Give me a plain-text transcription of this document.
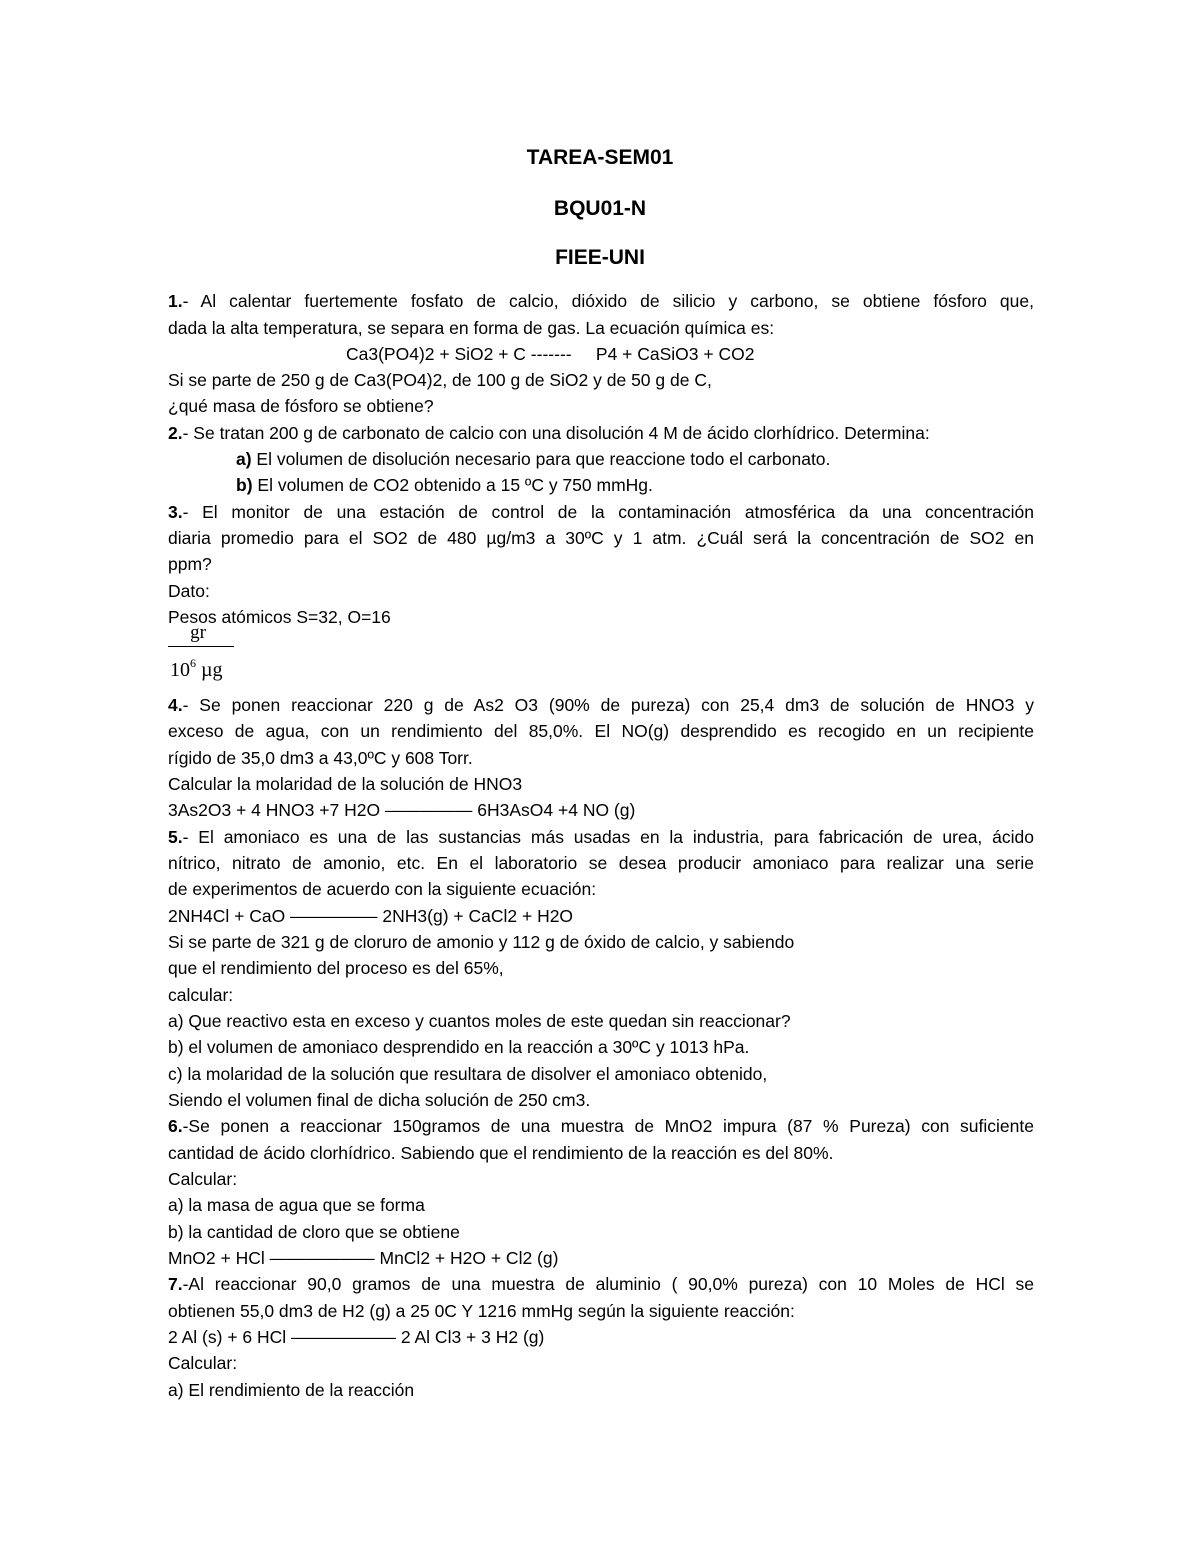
TAREA-SEM01
BQU01-N
FIEE-UNI
1.- Al calentar fuertemente fosfato de calcio, dióxido de silicio y carbono, se obtiene fósforo que,
dada la alta temperatura, se separa en forma de gas. La ecuación química es:
Ca3(PO4)2 + SiO2 + C -------     P4 + CaSiO3 + CO2
Si se parte de 250 g de Ca3(PO4)2, de 100 g de SiO2 y de 50 g de C,
¿qué masa de fósforo se obtiene?
2.- Se tratan 200 g de carbonato de calcio con una disolución 4 M de ácido clorhídrico. Determina:
a) El volumen de disolución necesario para que reaccione todo el carbonato.
b) El volumen de CO2 obtenido a 15 ºC y 750 mmHg.
3.- El monitor de una estación de control de la contaminación atmosférica da una concentración
diaria promedio para el SO2 de 480 µg/m3 a 30ºC y 1 atm. ¿Cuál será la concentración de SO2 en
ppm?
Dato:
Pesos atómicos S=32, O=16
gr
$10^6$ µg
4.- Se ponen reaccionar 220 g de As2 O3 (90% de pureza) con 25,4 dm3 de solución de HNO3 y
exceso de agua, con un rendimiento del 85,0%. El NO(g) desprendido es recogido en un recipiente
rígido de 35,0 dm3 a 43,0ºC y 608 Torr.
Calcular la molaridad de la solución de HNO3
3As2O3 + 4 HNO3 +7 H2O ————— 6H3AsO4 +4 NO (g)
5.- El amoniaco es una de las sustancias más usadas en la industria, para fabricación de urea, ácido
nítrico, nitrato de amonio, etc. En el laboratorio se desea producir amoniaco para realizar una serie
de experimentos de acuerdo con la siguiente ecuación:
2NH4Cl + CaO ————— 2NH3(g) + CaCl2 + H2O
Si se parte de 321 g de cloruro de amonio y 112 g de óxido de calcio, y sabiendo
que el rendimiento del proceso es del 65%,
calcular:
a) Que reactivo esta en exceso y cuantos moles de este quedan sin reaccionar?
b) el volumen de amoniaco desprendido en la reacción a 30ºC y 1013 hPa.
c) la molaridad de la solución que resultara de disolver el amoniaco obtenido,
Siendo el volumen final de dicha solución de 250 cm3.
6.-Se ponen a reaccionar 150gramos de una muestra de MnO2 impura (87 % Pureza) con suficiente
cantidad de ácido clorhídrico. Sabiendo que el rendimiento de la reacción es del 80%.
Calcular:
a) la masa de agua que se forma
b) la cantidad de cloro que se obtiene
MnO2 + HCl —————— MnCl2 + H2O + Cl2 (g)
7.-Al reaccionar 90,0 gramos de una muestra de aluminio ( 90,0% pureza) con 10 Moles de HCl se
obtienen 55,0 dm3 de H2 (g) a 25 0C Y 1216 mmHg según la siguiente reacción:
2 Al (s) + 6 HCl —————— 2 Al Cl3 + 3 H2 (g)
Calcular:
a) El rendimiento de la reacción
